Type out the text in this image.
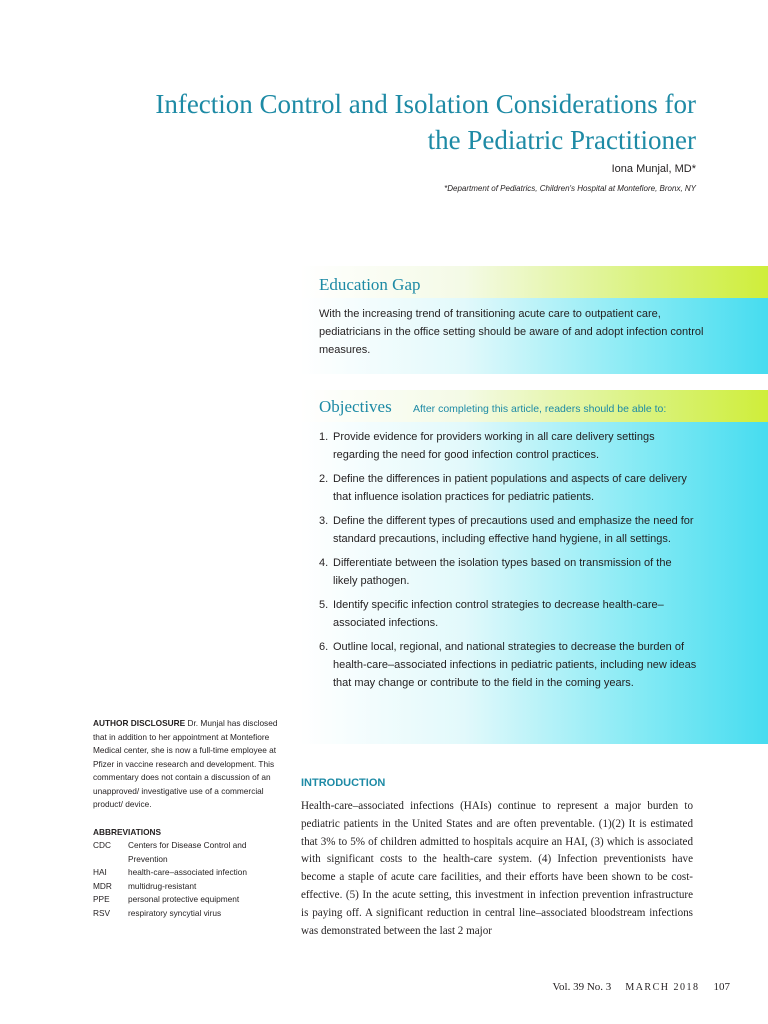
Infection Control and Isolation Considerations for
the Pediatric Practitioner
Iona Munjal, MD*
*Department of Pediatrics, Children's Hospital at Montefiore, Bronx, NY
Education Gap
With the increasing trend of transitioning acute care to outpatient care, pediatricians in the office setting should be aware of and adopt infection control measures.
Objectives After completing this article, readers should be able to:
1. Provide evidence for providers working in all care delivery settings regarding the need for good infection control practices.
2. Define the differences in patient populations and aspects of care delivery that influence isolation practices for pediatric patients.
3. Define the different types of precautions used and emphasize the need for standard precautions, including effective hand hygiene, in all settings.
4. Differentiate between the isolation types based on transmission of the likely pathogen.
5. Identify specific infection control strategies to decrease health-care–associated infections.
6. Outline local, regional, and national strategies to decrease the burden of health-care–associated infections in pediatric patients, including new ideas that may change or contribute to the field in the coming years.
AUTHOR DISCLOSURE Dr. Munjal has disclosed that in addition to her appointment at Montefiore Medical center, she is now a full-time employee at Pfizer in vaccine research and development. This commentary does not contain a discussion of an unapproved/ investigative use of a commercial product/ device.
ABBREVIATIONS
CDC	Centers for Disease Control and Prevention
HAI	health-care–associated infection
MDR	multidrug-resistant
PPE	personal protective equipment
RSV	respiratory syncytial virus
INTRODUCTION

Health-care–associated infections (HAIs) continue to represent a major burden to pediatric patients in the United States and are often preventable. (1)(2) It is estimated that 3% to 5% of children admitted to hospitals acquire an HAI, (3) which is associated with significant costs to the health-care system. (4) Infection preventionists have become a staple of acute care facilities, and their efforts have been shown to be cost-effective. (5) In the acute setting, this investment in infection prevention infrastructure is paying off. A significant reduction in central line–associated bloodstream infections was demonstrated between the last 2 major

Vol. 39 No. 3 MARCH 2018 107
